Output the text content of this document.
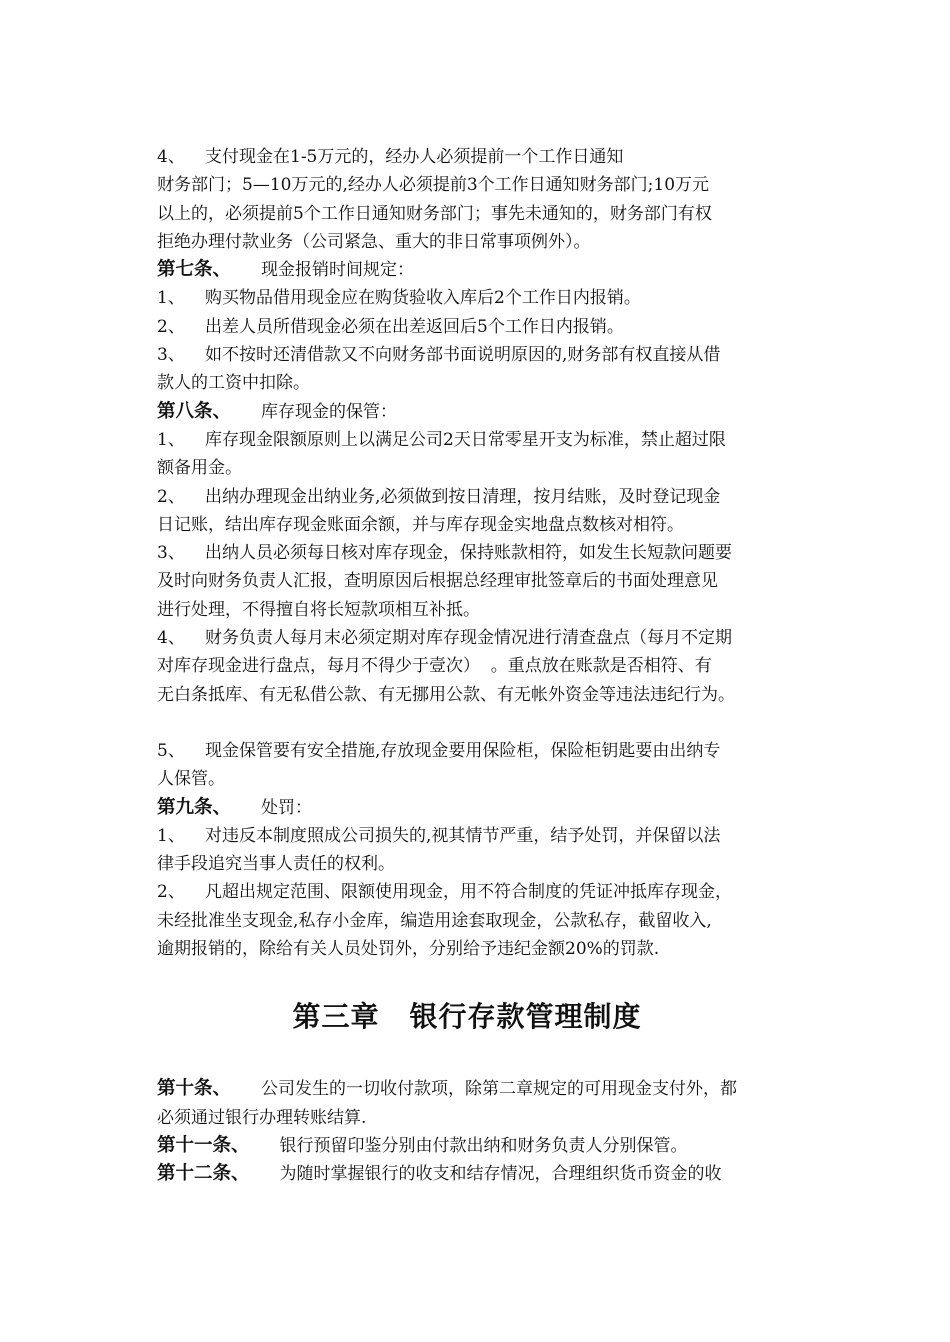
4、 支付现金在1-5万元的，经办人必须提前一个工作日通知

财务部门；5—10万元的,经办人必须提前3个工作日通知财务部门;10万元

以上的，必须提前5个工作日通知财务部门；事先未通知的，财务部门有权

拒绝办理付款业务（公司紧急、重大的非日常事项例外）。

第七条、 现金报销时间规定：

1、 购买物品借用现金应在购货验收入库后2个工作日内报销。

2、 出差人员所借现金必须在出差返回后5个工作日内报销。

3、 如不按时还清借款又不向财务部书面说明原因的,财务部有权直接从借

款人的工资中扣除。

第八条、 库存现金的保管：

1、 库存现金限额原则上以满足公司2天日常零星开支为标准，禁止超过限

额备用金。

2、 出纳办理现金出纳业务,必须做到按日清理，按月结账，及时登记现金

日记账，结出库存现金账面余额，并与库存现金实地盘点数核对相符。

3、 出纳人员必须每日核对库存现金，保持账款相符，如发生长短款问题要

及时向财务负责人汇报，查明原因后根据总经理审批签章后的书面处理意见

进行处理，不得擅自将长短款项相互补抵。

4、 财务负责人每月末必须定期对库存现金情况进行清查盘点（每月不定期

对库存现金进行盘点，每月不得少于壹次）  。重点放在账款是否相符、有

无白条抵库、有无私借公款、有无挪用公款、有无帐外资金等违法违纪行为。

5、 现金保管要有安全措施,存放现金要用保险柜，保险柜钥匙要由出纳专

人保管。

第九条、 处罚：

1、 对违反本制度照成公司损失的,视其情节严重，结予处罚，并保留以法

律手段追究当事人责任的权利。

2、 凡超出规定范围、限额使用现金，用不符合制度的凭证冲抵库存现金，

未经批准坐支现金,私存小金库，编造用途套取现金，公款私存，截留收入,

逾期报销的，除给有关人员处罚外，分别给予违纪金额20%的罚款.

第三章 银行存款管理制度

第十条、 公司发生的一切收付款项，除第二章规定的可用现金支付外，都

必须通过银行办理转账结算.

第十一条、 银行预留印鉴分别由付款出纳和财务负责人分别保管。

第十二条、 为随时掌握银行的收支和结存情况，合理组织货币资金的收
